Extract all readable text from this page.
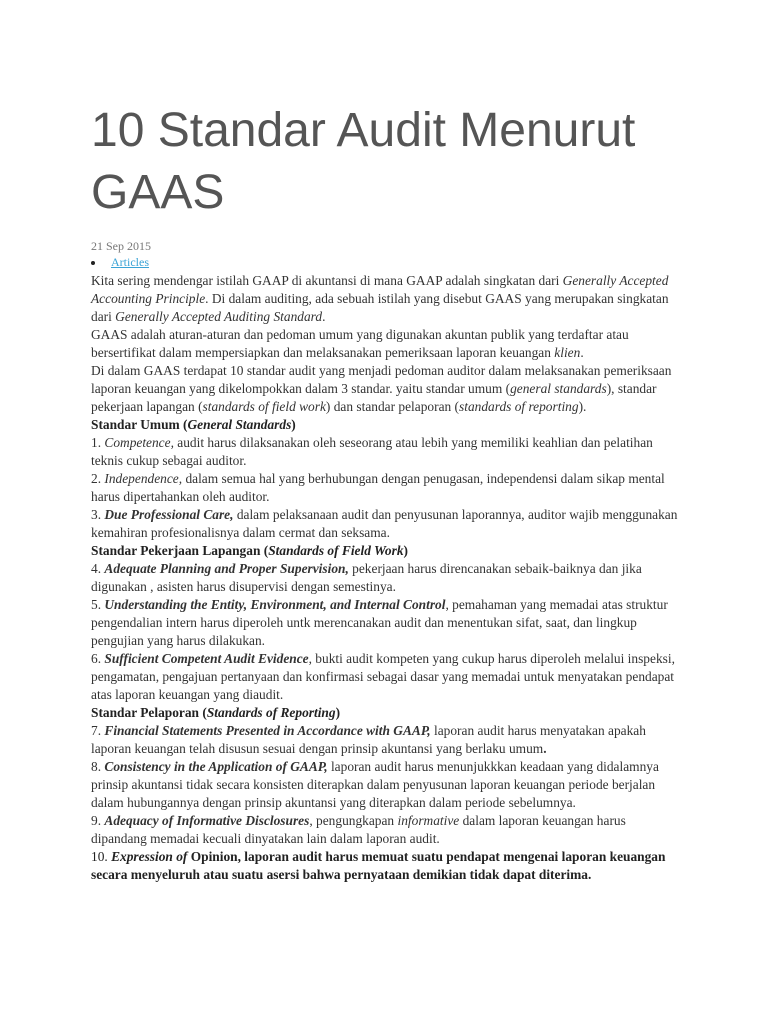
10 Standar Audit Menurut GAAS
21 Sep 2015
Articles

Kita sering mendengar istilah GAAP di akuntansi di mana GAAP adalah singkatan dari Generally Accepted Accounting Principle. Di dalam auditing, ada sebuah istilah yang disebut GAAS yang merupakan singkatan dari Generally Accepted Auditing Standard.

GAAS adalah aturan-aturan dan pedoman umum yang digunakan akuntan publik yang terdaftar atau bersertifikat dalam mempersiapkan dan melaksanakan pemeriksaan laporan keuangan klien.

Di dalam GAAS terdapat 10 standar audit yang menjadi pedoman auditor dalam melaksanakan pemeriksaan laporan keuangan yang dikelompokkan dalam 3 standar. yaitu standar umum (general standards), standar pekerjaan lapangan (standards of field work) dan standar pelaporan (standards of reporting).

Standar Umum (General Standards)

1. Competence, audit harus dilaksanakan oleh seseorang atau lebih yang memiliki keahlian dan pelatihan teknis cukup sebagai auditor.

2. Independence, dalam semua hal yang berhubungan dengan penugasan, independensi dalam sikap mental harus dipertahankan oleh auditor.

3. Due Professional Care, dalam pelaksanaan audit dan penyusunan laporannya, auditor wajib menggunakan kemahiran profesionalisnya dalam cermat dan seksama.

Standar Pekerjaan Lapangan (Standards of Field Work)

4. Adequate Planning and Proper Supervision, pekerjaan harus direncanakan sebaik-baiknya dan jika digunakan , asisten harus disupervisi dengan semestinya.

5. Understanding the Entity, Environment, and Internal Control, pemahaman yang memadai atas struktur pengendalian intern harus diperoleh untk merencanakan audit dan menentukan sifat, saat, dan lingkup pengujian yang harus dilakukan.

6. Sufficient Competent Audit Evidence, bukti audit kompeten yang cukup harus diperoleh melalui inspeksi, pengamatan, pengajuan pertanyaan dan konfirmasi sebagai dasar yang memadai untuk menyatakan pendapat atas laporan keuangan yang diaudit.

Standar Pelaporan (Standards of Reporting)

7. Financial Statements Presented in Accordance with GAAP, laporan audit harus menyatakan apakah laporan keuangan telah disusun sesuai dengan prinsip akuntansi yang berlaku umum.

8. Consistency in the Application of GAAP, laporan audit harus menunjukkkan keadaan yang didalamnya prinsip akuntansi tidak secara konsisten diterapkan dalam penyusunan laporan keuangan periode berjalan dalam hubungannya dengan prinsip akuntansi yang diterapkan dalam periode sebelumnya.

9. Adequacy of Informative Disclosures, pengungkapan informative dalam laporan keuangan harus dipandang memadai kecuali dinyatakan lain dalam laporan audit.

10. Expression of Opinion, laporan audit harus memuat suatu pendapat mengenai laporan keuangan secara menyeluruh atau suatu asersi bahwa pernyataan demikian tidak dapat diterima.
